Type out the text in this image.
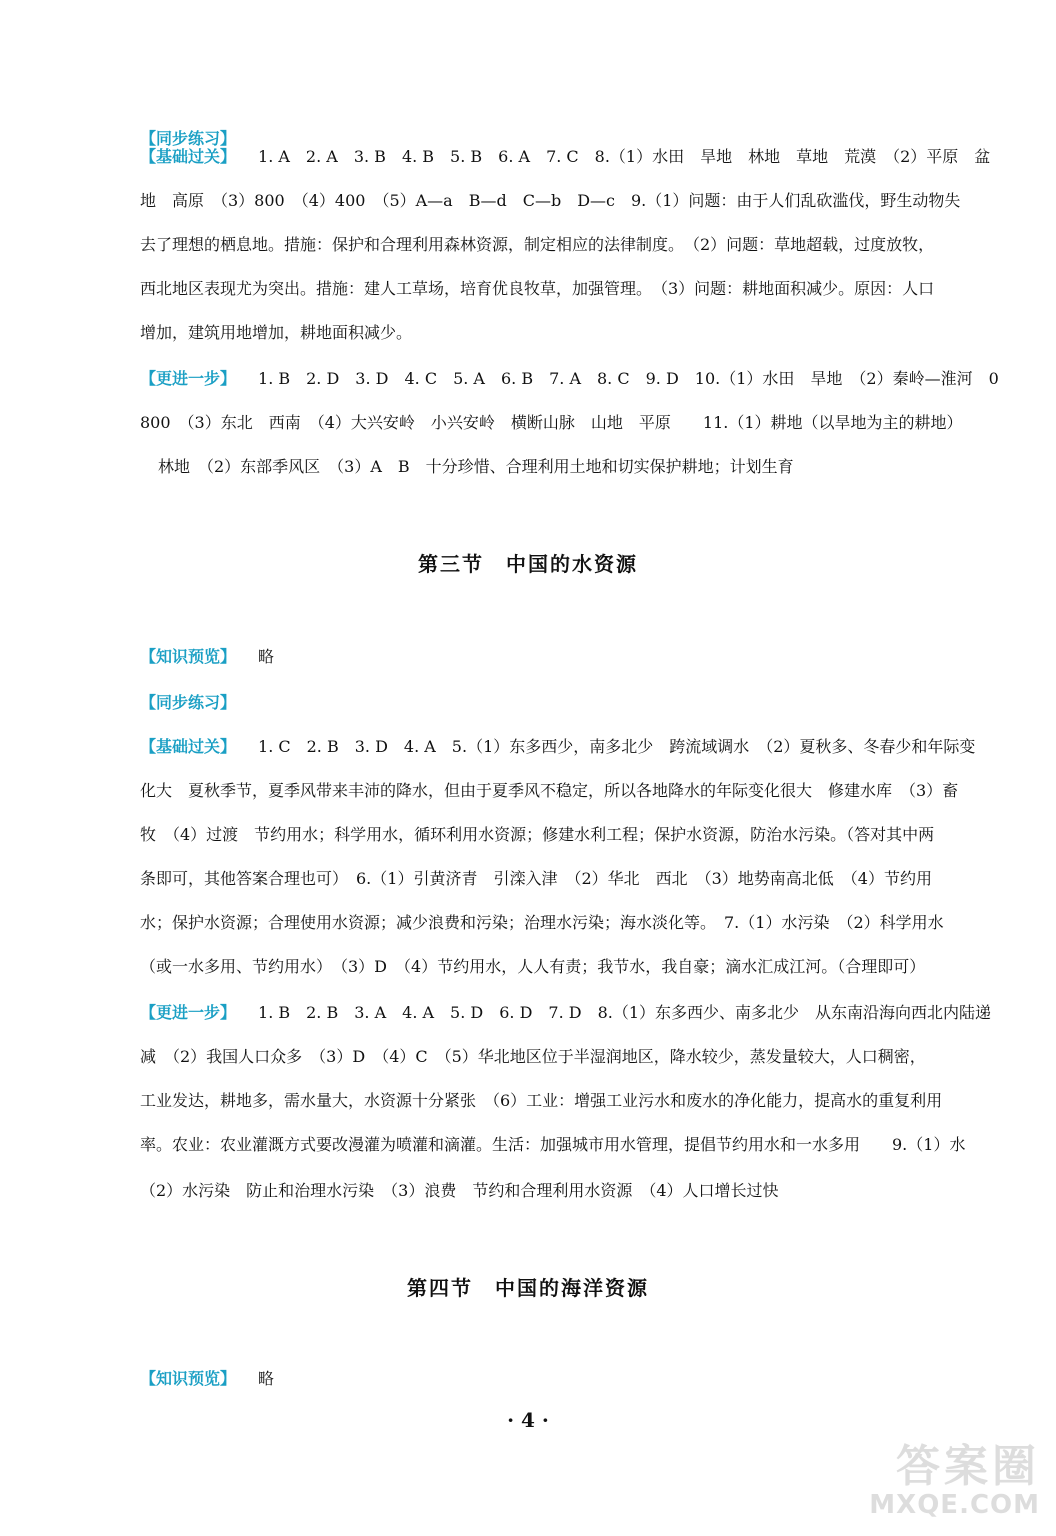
【同步练习】
【基础过关】 1. A　2. A　3. B　4. B　5. B　6. A　7. C　8.（1）水田　旱地　林地　草地　荒漠　（2）平原　盆
地　高原　（3）800　（4）400　（5）A—a　B—d　C—b　D—c　9.（1）问题：由于人们乱砍滥伐，野生动物失
去了理想的栖息地。措施：保护和合理利用森林资源，制定相应的法律制度。　（2）问题：草地超载，过度放牧，
西北地区表现尤为突出。措施：建人工草场，培育优良牧草，加强管理。　（3）问题：耕地面积减少。原因：人口
增加，建筑用地增加，耕地面积减少。
【更进一步】 1. B　2. D　3. D　4. C　5. A　6. B　7. A　8. C　9. D　10.（1）水田　旱地　（2）秦岭—淮河　0
800　（3）东北　西南　（4）大兴安岭　小兴安岭　横断山脉　山地　平原　　11.（1）耕地（以旱地为主的耕地）
林地　（2）东部季风区　（3）A　B　十分珍惜、合理利用土地和切实保护耕地；计划生育
第三节　中国的水资源
【知识预览】 略
【同步练习】
【基础过关】 1. C　2. B　3. D　4. A　5.（1）东多西少，南多北少　跨流域调水　（2）夏秋多、冬春少和年际变
化大　夏秋季节，夏季风带来丰沛的降水，但由于夏季风不稳定，所以各地降水的年际变化很大　修建水库　（3）畜
牧　（4）过渡　节约用水；科学用水，循环利用水资源；修建水利工程；保护水资源，防治水污染。（答对其中两
条即可，其他答案合理也可）　6.（1）引黄济青　引滦入津　（2）华北　西北　（3）地势南高北低　（4）节约用
水；保护水资源；合理使用水资源；减少浪费和污染；治理水污染；海水淡化等。　7.（1）水污染　（2）科学用水
（或一水多用、节约用水）　（3）D　（4）节约用水，人人有责；我节水，我自豪；滴水汇成江河。（合理即可）
【更进一步】 1. B　2. B　3. A　4. A　5. D　6. D　7. D　8.（1）东多西少、南多北少　从东南沿海向西北内陆递
减　（2）我国人口众多　（3）D　（4）C　（5）华北地区位于半湿润地区，降水较少，蒸发量较大，人口稠密，
工业发达，耕地多，需水量大，水资源十分紧张　（6）工业：增强工业污水和废水的净化能力，提高水的重复利用
率。农业：农业灌溉方式要改漫灌为喷灌和滴灌。生活：加强城市用水管理，提倡节约用水和一水多用　　9.（1）水
（2）水污染　防止和治理水污染　（3）浪费　节约和合理利用水资源　（4）人口增长过快
第四节　中国的海洋资源
【知识预览】 略
· 4 ·
答案圈
MXQE.COM
